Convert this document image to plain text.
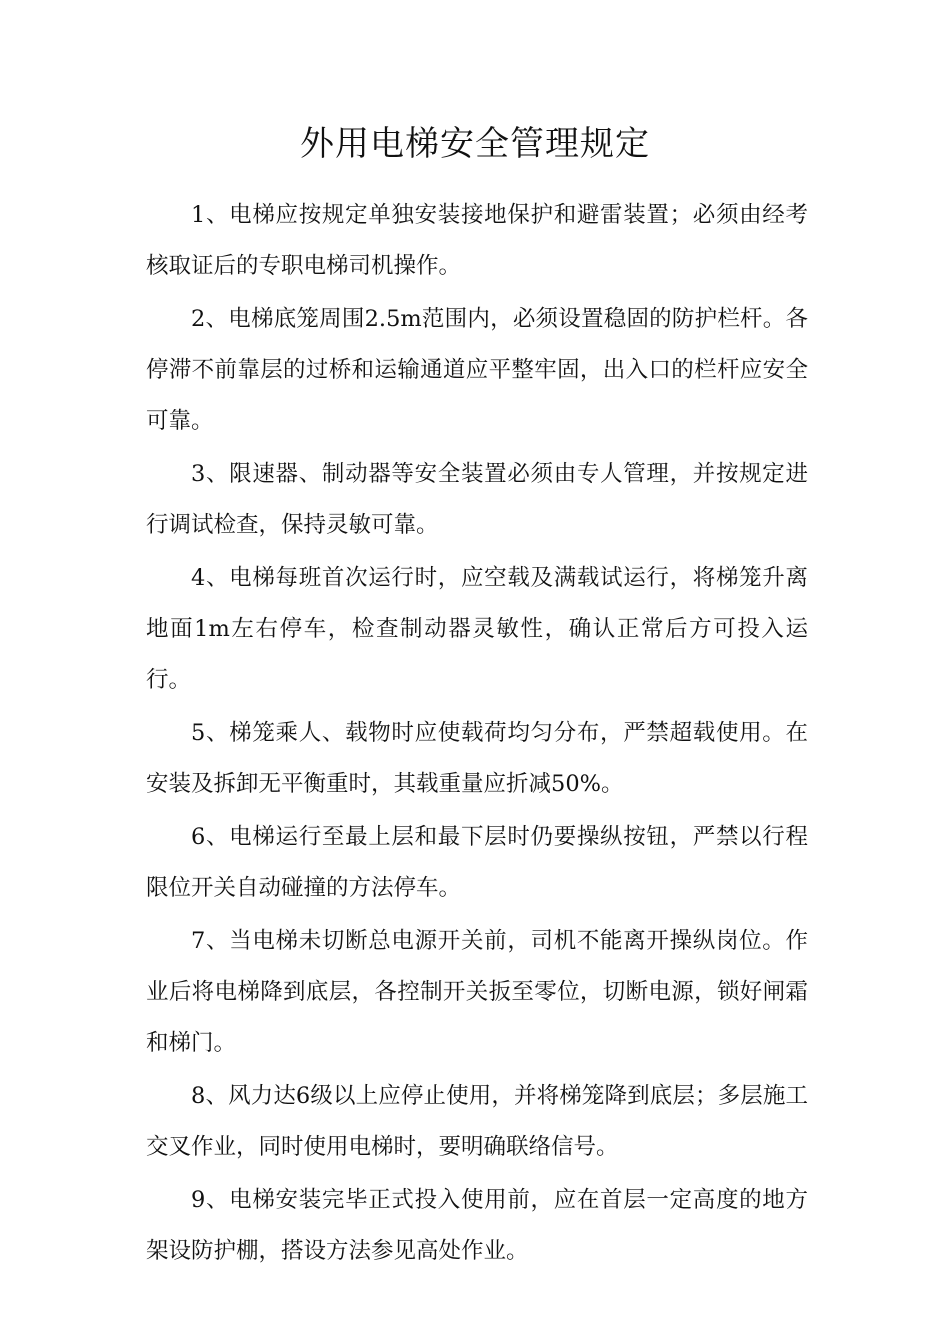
外用电梯安全管理规定

1、电梯应按规定单独安装接地保护和避雷装置；必须由经考核取证后的专职电梯司机操作。

2、电梯底笼周围2.5m范围内，必须设置稳固的防护栏杆。各停滞不前靠层的过桥和运输通道应平整牢固，出入口的栏杆应安全可靠。

3、限速器、制动器等安全装置必须由专人管理，并按规定进行调试检查，保持灵敏可靠。

4、电梯每班首次运行时，应空载及满载试运行，将梯笼升离地面1m左右停车，检查制动器灵敏性，确认正常后方可投入运行。

5、梯笼乘人、载物时应使载荷均匀分布，严禁超载使用。在安装及拆卸无平衡重时，其载重量应折减50%。

6、电梯运行至最上层和最下层时仍要操纵按钮，严禁以行程限位开关自动碰撞的方法停车。

7、当电梯未切断总电源开关前，司机不能离开操纵岗位。作业后将电梯降到底层，各控制开关扳至零位，切断电源，锁好闸霜和梯门。

8、风力达6级以上应停止使用，并将梯笼降到底层；多层施工交叉作业，同时使用电梯时，要明确联络信号。

9、电梯安装完毕正式投入使用前，应在首层一定高度的地方架设防护棚，搭设方法参见高处作业。
